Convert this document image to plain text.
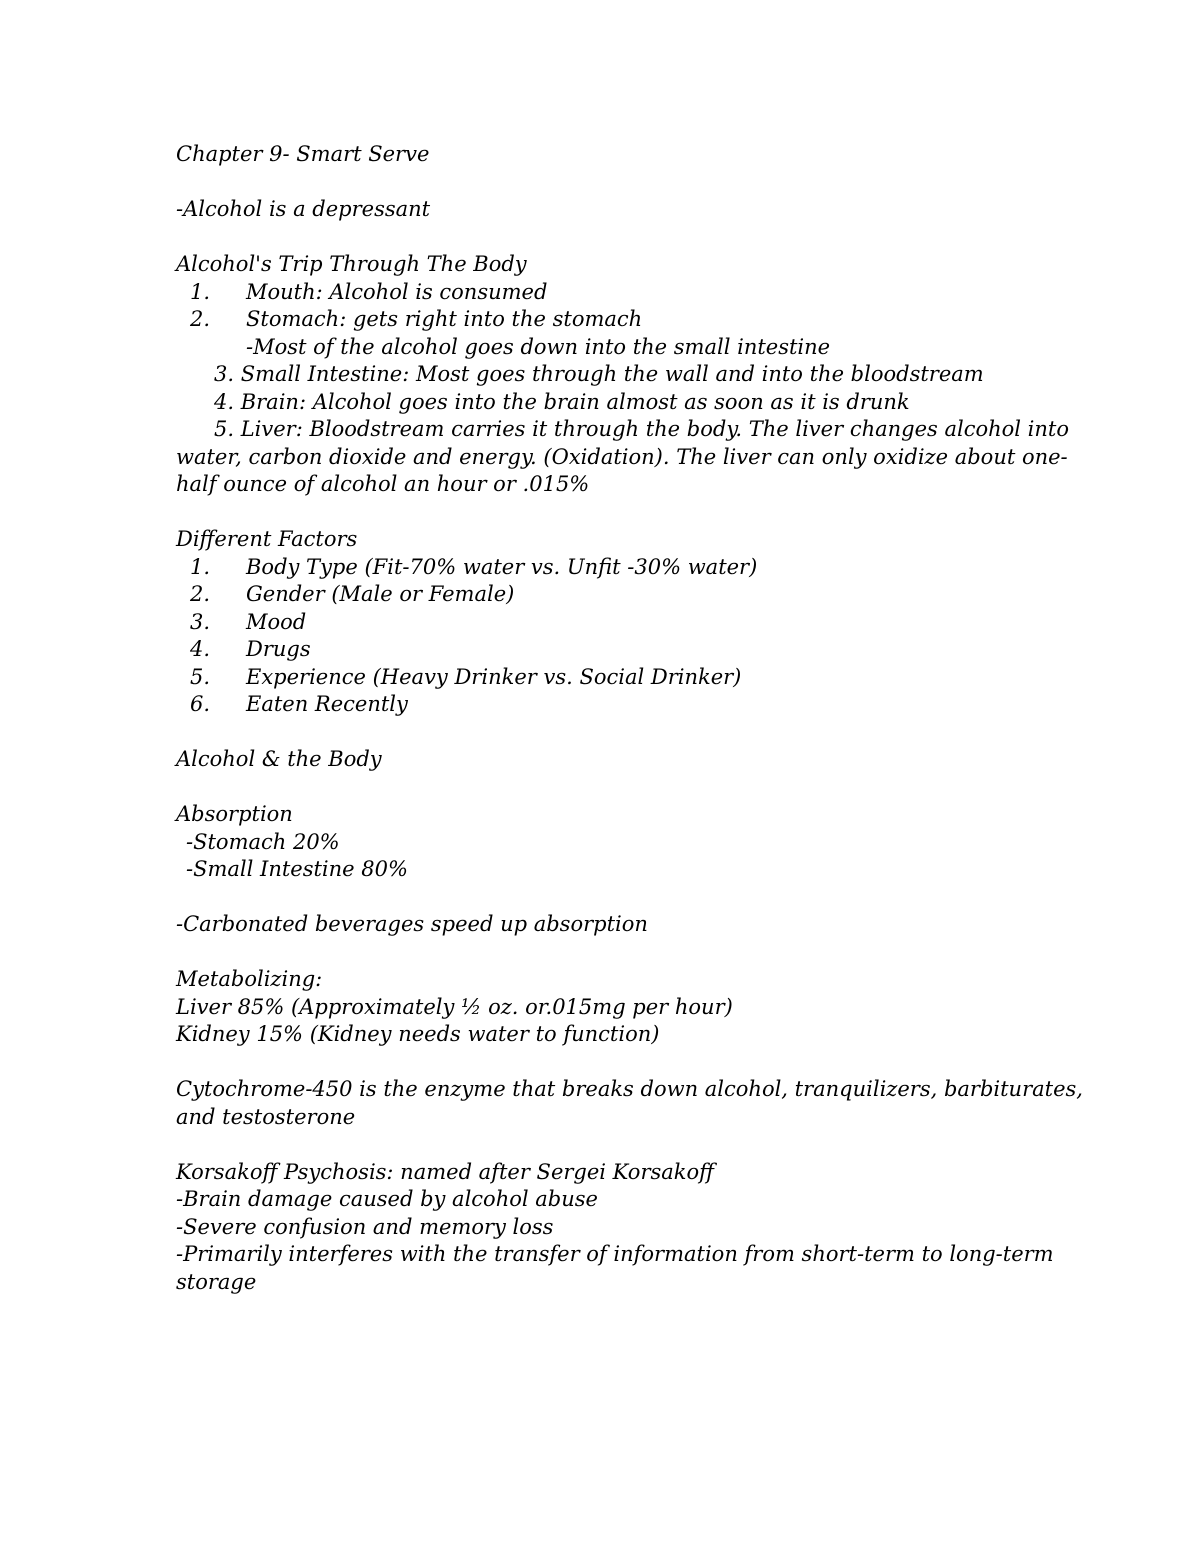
Chapter 9- Smart Serve
-Alcohol is a depressant
Alcohol's Trip Through The Body
1.	Mouth: Alcohol is consumed
2.	Stomach: gets right into the stomach
-Most of the alcohol goes down into the small intestine
3. Small Intestine: Most goes through the wall and into the bloodstream
4. Brain: Alcohol goes into the brain almost as soon as it is drunk
5. Liver: Bloodstream carries it through the body. The liver changes alcohol into
water, carbon dioxide and energy. (Oxidation). The liver can only oxidize about one-
half ounce of alcohol an hour or .015%
Different Factors
1.	Body Type (Fit-70% water vs. Unfit -30% water)
2.	Gender (Male or Female)
3.	Mood
4.	Drugs
5.	Experience (Heavy Drinker vs. Social Drinker)
6.	Eaten Recently
Alcohol & the Body
Absorption
-Stomach 20%
-Small Intestine 80%
-Carbonated beverages speed up absorption
Metabolizing:
Liver 85% (Approximately ½ oz. or.015mg per hour)
Kidney 15% (Kidney needs water to function)
Cytochrome-450 is the enzyme that breaks down alcohol, tranquilizers, barbiturates,
and testosterone
Korsakoff Psychosis: named after Sergei Korsakoff
-Brain damage caused by alcohol abuse
-Severe confusion and memory loss
-Primarily interferes with the transfer of information from short-term to long-term
storage
